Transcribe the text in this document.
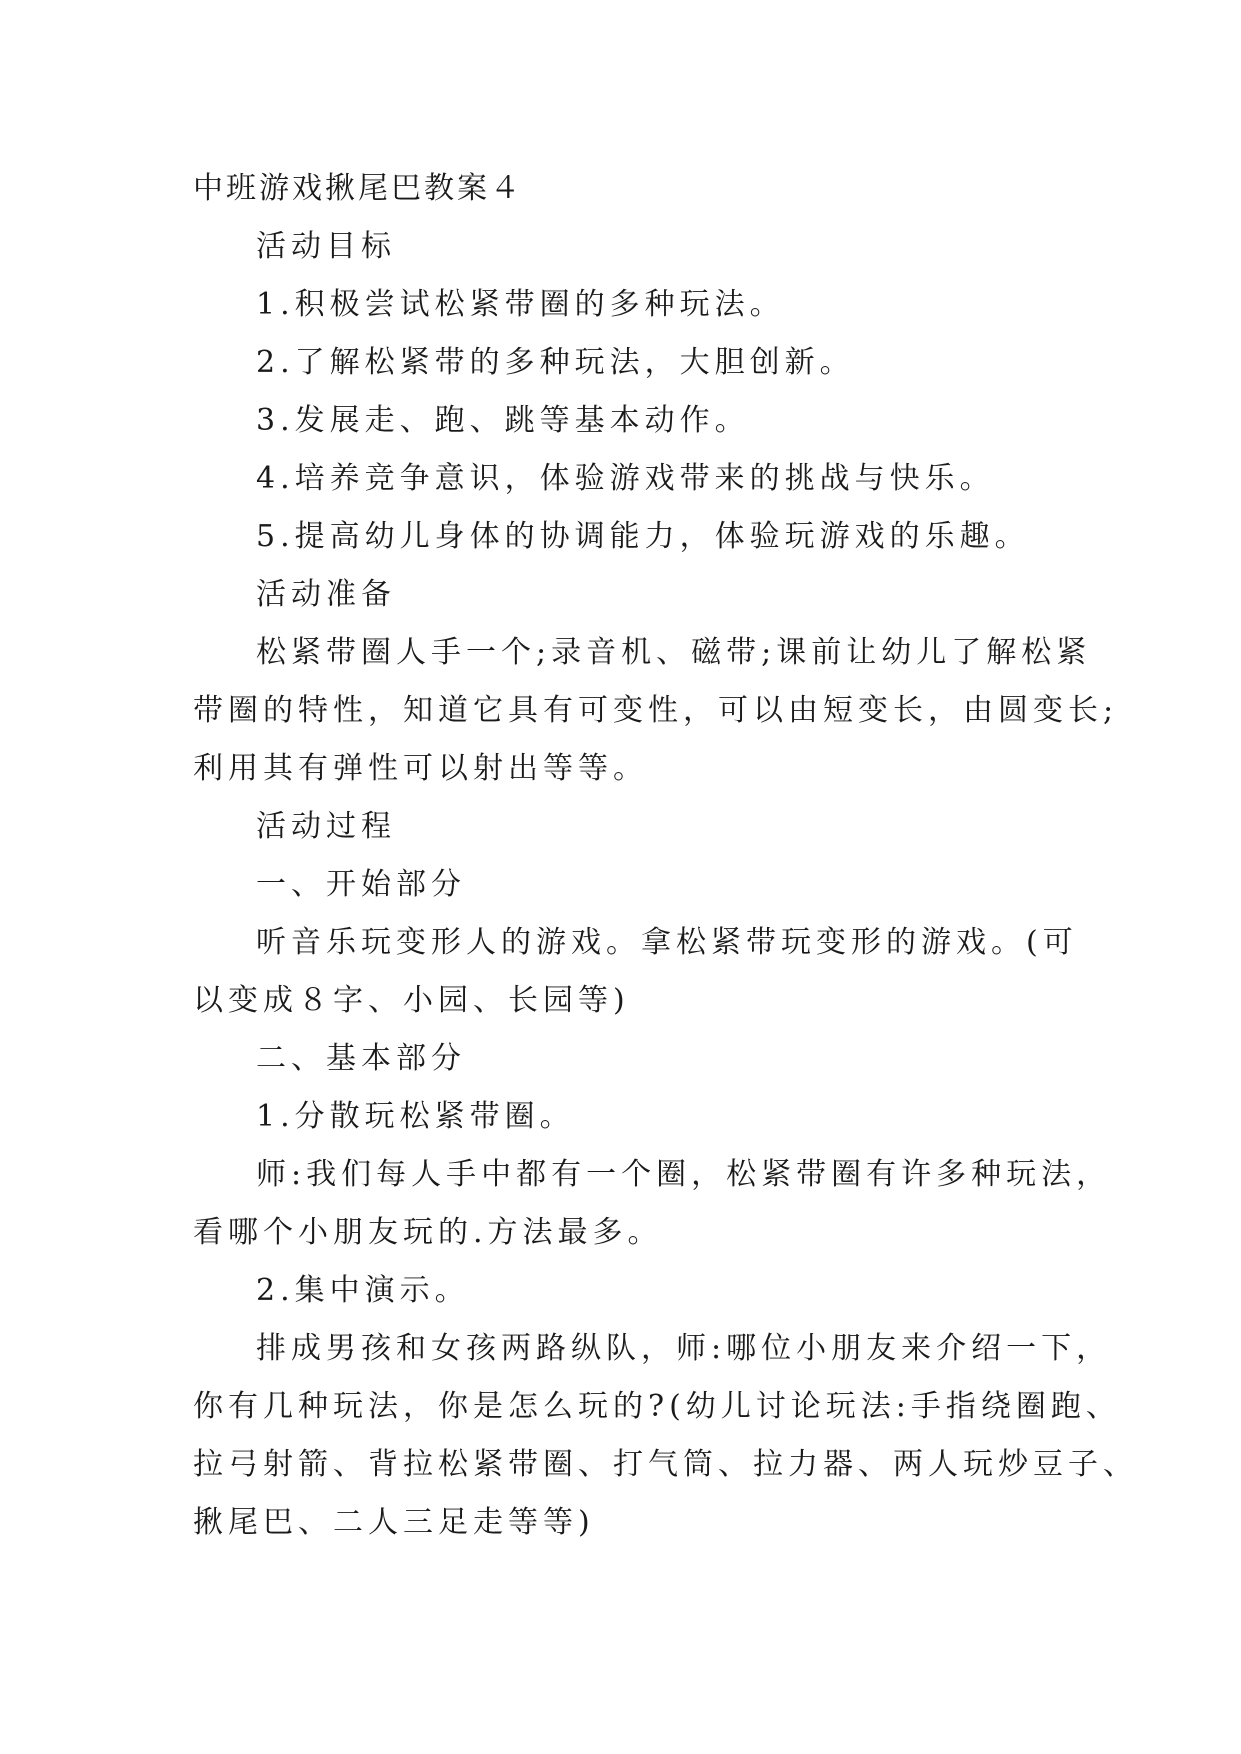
中班游戏揪尾巴教案４

活动目标

1.积极尝试松紧带圈的多种玩法。

2.了解松紧带的多种玩法，大胆创新。

3.发展走、跑、跳等基本动作。

4.培养竞争意识，体验游戏带来的挑战与快乐。

5.提高幼儿身体的协调能力，体验玩游戏的乐趣。

活动准备

松紧带圈人手一个;录音机、磁带;课前让幼儿了解松紧

带圈的特性，知道它具有可变性，可以由短变长，由圆变长;

利用其有弹性可以射出等等。

活动过程

一、开始部分

听音乐玩变形人的游戏。拿松紧带玩变形的游戏。(可

以变成８字、小园、长园等)

二、基本部分

1.分散玩松紧带圈。

师:我们每人手中都有一个圈，松紧带圈有许多种玩法，

看哪个小朋友玩的.方法最多。

2.集中演示。

排成男孩和女孩两路纵队，师:哪位小朋友来介绍一下，

你有几种玩法，你是怎么玩的?(幼儿讨论玩法:手指绕圈跑、

拉弓射箭、背拉松紧带圈、打气筒、拉力器、两人玩炒豆子、

揪尾巴、二人三足走等等)
